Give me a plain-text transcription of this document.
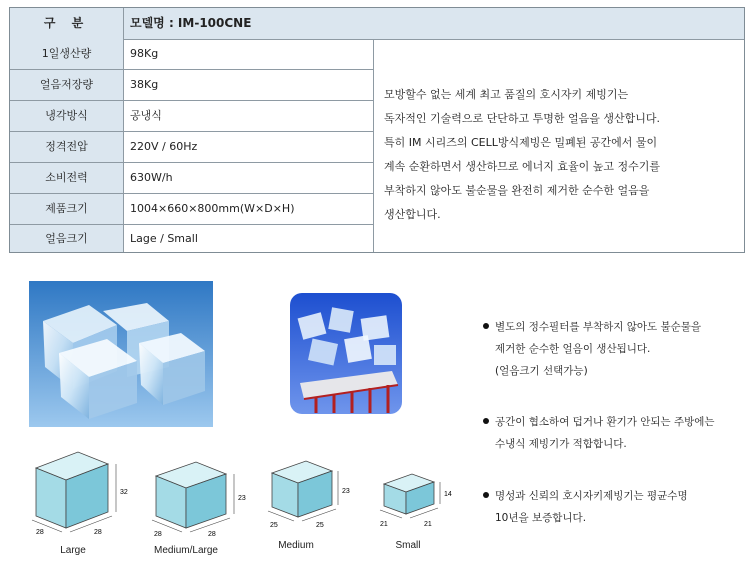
구 분	모델명 : IM-100CNE
1일생산량	98Kg
얼음저장량	38Kg
냉각방식	공냉식
정격전압	220V / 60Hz
소비전력	630W/h
제품크기	1004×660×800mm(W×D×H)
얼음크기	Lage / Small
모방할수 없는 세계 최고 품질의 호시자키 제빙기는
독자적인 기술력으로 단단하고 투명한 얼음을 생산합니다.
특히 IM 시리즈의 CELL방식제빙은 밀폐된 공간에서 물이
계속 순환하면서 생산하므로 에너지 효율이 높고 정수기를
부착하지 않아도 불순물을 완전히 제거한 순수한 얼음을
생산합니다.
별도의 정수필터를 부착하지 않아도 불순물을
제거한 순수한 얼음이 생산됩니다.
(얼음크기 선택가능)
공간이 협소하여 덥거나 환기가 안되는 주방에는
수냉식 제빙기가 적합합니다.
명성과 신뢰의 호시자키제빙기는 평균수명
10년을 보증합니다.
32
28	28
Large
23
28	28
Medium/Large
23
25	25
Medium
14
21	21
Small
